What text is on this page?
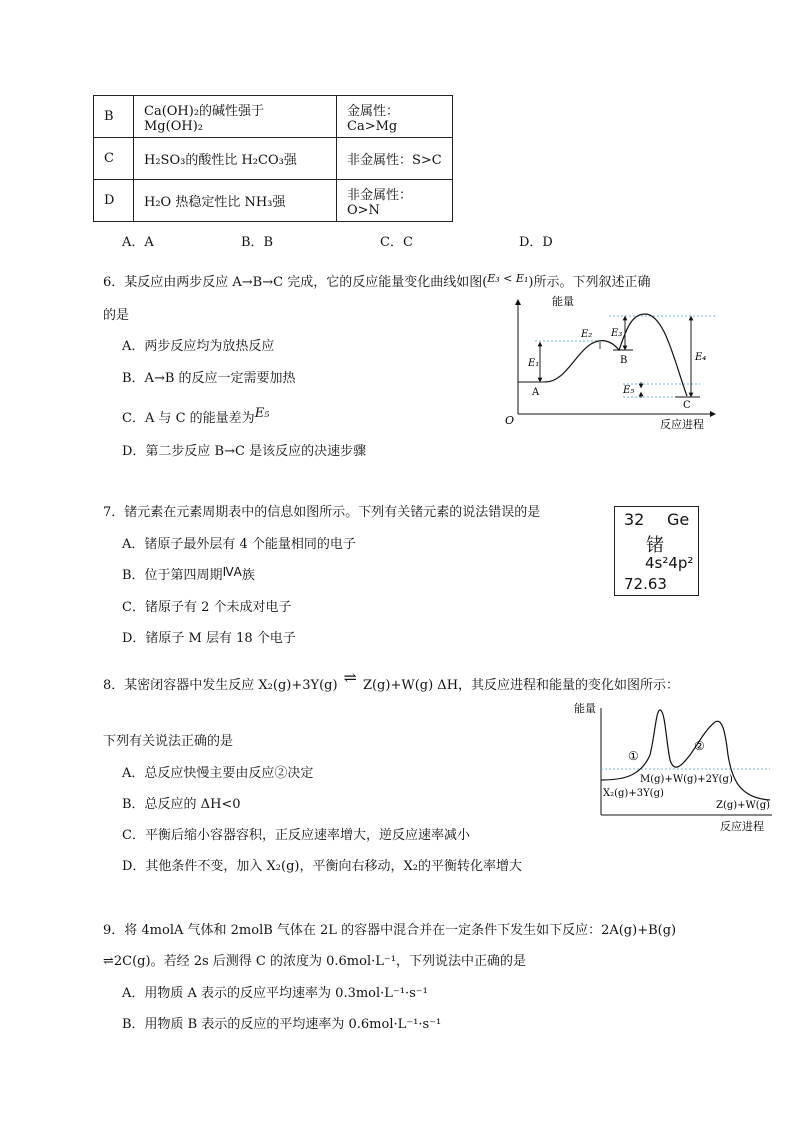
B	Ca(OH)₂的碱性强于 Mg(OH)₂	金属性：Ca>Mg
C	H₂SO₃的酸性比 H₂CO₃强	非金属性：S>C
D	H₂O 热稳定性比 NH₃强	非金属性：O>N
A．A	B．B	C．C	D．D
6．某反应由两步反应 A→B→C 完成，它的反应能量变化曲线如图($^{E_3 < E_1}$)所示。下列叙述正确
的是
A．两步反应均为放热反应
B．A→B 的反应一定需要加热
C．A 与 C 的能量差为E₅
D．第二步反应 B→C 是该反应的决速步骤
能量
O	反应进程
E₂ E₃
E₁
E₄
E₅
A
B
C
7．锗元素在元素周期表中的信息如图所示。下列有关锗元素的说法错误的是
A．锗原子最外层有 4 个能量相同的电子
B．位于第四周期ⅣA族
C．锗原子有 2 个未成对电子
D．锗原子 M 层有 18 个电子
32 Ge
锗
4s²4p²
72.63
8．某密闭容器中发生反应 X₂(g)+3Y(g) ⇌ Z(g)+W(g) ΔH，其反应进程和能量的变化如图所示：
下列有关说法正确的是
A．总反应快慢主要由反应②决定
B．总反应的 ΔH<0
C．平衡后缩小容器容积，正反应速率增大，逆反应速率减小
D．其他条件不变，加入 X₂(g)，平衡向右移动，X₂的平衡转化率增大
能量
反应进程
①
②
M(g)+W(g)+2Y(g)
X₂(g)+3Y(g)
Z(g)+W(g)
9．将 4molA 气体和 2molB 气体在 2L 的容器中混合并在一定条件下发生如下反应：2A(g)+B(g)
⇌2C(g)。若经 2s 后测得 C 的浓度为 0.6mol·L⁻¹，下列说法中正确的是
A．用物质 A 表示的反应平均速率为 0.3mol·L⁻¹·s⁻¹
B．用物质 B 表示的反应的平均速率为 0.6mol·L⁻¹·s⁻¹
